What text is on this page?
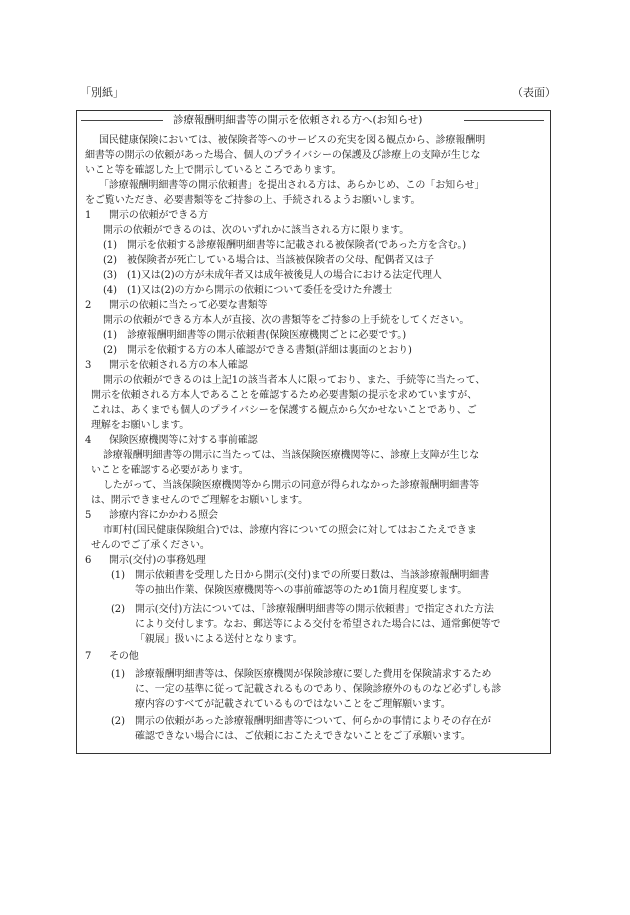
「別紙」	（表面）
診療報酬明細書等の開示を依頼される方へ(お知らせ)
国民健康保険においては、被保険者等へのサービスの充実を図る観点から、診療報酬明
細書等の開示の依頼があった場合、個人のプライバシーの保護及び診療上の支障が生じな
いこと等を確認した上で開示しているところであります。
「診療報酬明細書等の開示依頼書」を提出される方は、あらかじめ、この「お知らせ」
をご覧いただき、必要書類等をご持参の上、手続されるようお願いします。
1 開示の依頼ができる方
開示の依頼ができるのは、次のいずれかに該当される方に限ります。
(1) 開示を依頼する診療報酬明細書等に記載される被保険者(であった方を含む。)
(2) 被保険者が死亡している場合は、当該被保険者の父母、配偶者又は子
(3) (1)又は(2)の方が未成年者又は成年被後見人の場合における法定代理人
(4) (1)又は(2)の方から開示の依頼について委任を受けた弁護士
2 開示の依頼に当たって必要な書類等
開示の依頼ができる方本人が直接、次の書類等をご持参の上手続をしてください。
(1) 診療報酬明細書等の開示依頼書(保険医療機関ごとに必要です。)
(2) 開示を依頼する方の本人確認ができる書類(詳細は裏面のとおり)
3 開示を依頼される方の本人確認
開示の依頼ができるのは上記1の該当者本人に限っており、また、手続等に当たって、
開示を依頼される方本人であることを確認するため必要書類の提示を求めていますが、
これは、あくまでも個人のプライバシーを保護する観点から欠かせないことであり、ご
理解をお願いします。
4 保険医療機関等に対する事前確認
診療報酬明細書等の開示に当たっては、当該保険医療機関等に、診療上支障が生じな
いことを確認する必要があります。
したがって、当該保険医療機関等から開示の同意が得られなかった診療報酬明細書等
は、開示できませんのでご理解をお願いします。
5 診療内容にかかわる照会
市町村(国民健康保険組合)では、診療内容についての照会に対してはおこたえできま
せんのでご了承ください。
6 開示(交付)の事務処理
(1) 開示依頼書を受理した日から開示(交付)までの所要日数は、当該診療報酬明細書
等の抽出作業、保険医療機関等への事前確認等のため1箇月程度要します。
(2) 開示(交付)方法については、「診療報酬明細書等の開示依頼書」で指定された方法
により交付します。なお、郵送等による交付を希望された場合には、通常郵便等で
「親展」扱いによる送付となります。
7 その他
(1) 診療報酬明細書等は、保険医療機関が保険診療に要した費用を保険請求するため
に、一定の基準に従って記載されるものであり、保険診療外のものなど必ずしも診
療内容のすべてが記載されているものではないことをご理解願います。
(2) 開示の依頼があった診療報酬明細書等について、何らかの事情によりその存在が
確認できない場合には、ご依頼におこたえできないことをご了承願います。
